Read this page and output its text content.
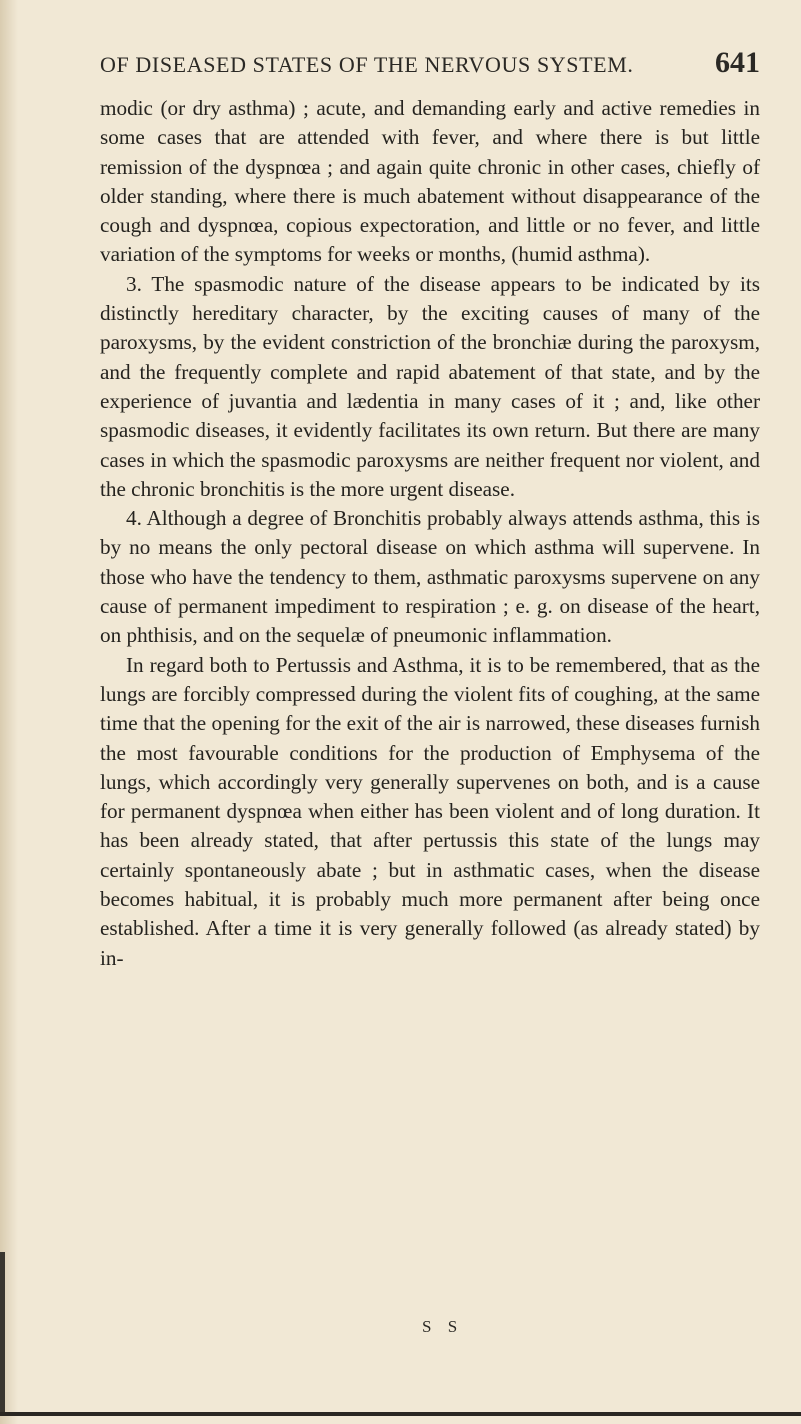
OF DISEASED STATES OF THE NERVOUS SYSTEM.	641

modic (or dry asthma) ; acute, and demanding early and active remedies in some cases that are attended with fever, and where there is but little remission of the dyspnœa ; and again quite chronic in other cases, chiefly of older standing, where there is much abatement without disappearance of the cough and dyspnœa, copious expectoration, and little or no fever, and little variation of the symptoms for weeks or months, (humid asthma).

3. The spasmodic nature of the disease appears to be indicated by its distinctly hereditary character, by the exciting causes of many of the paroxysms, by the evident constriction of the bronchiæ during the paroxysm, and the frequently complete and rapid abatement of that state, and by the experience of juvantia and lædentia in many cases of it ; and, like other spasmodic diseases, it evidently facilitates its own return. But there are many cases in which the spasmodic paroxysms are neither frequent nor violent, and the chronic bronchitis is the more urgent disease.

4. Although a degree of Bronchitis probably always attends asthma, this is by no means the only pectoral disease on which asthma will supervene. In those who have the tendency to them, asthmatic paroxysms supervene on any cause of permanent impediment to respiration ; e. g. on disease of the heart, on phthisis, and on the sequelæ of pneumonic inflammation.

In regard both to Pertussis and Asthma, it is to be remembered, that as the lungs are forcibly compressed during the violent fits of coughing, at the same time that the opening for the exit of the air is narrowed, these diseases furnish the most favourable conditions for the production of Emphysema of the lungs, which accordingly very generally supervenes on both, and is a cause for permanent dyspnœa when either has been violent and of long duration. It has been already stated, that after pertussis this state of the lungs may certainly spontaneously abate ; but in asthmatic cases, when the disease becomes habitual, it is probably much more permanent after being once established. After a time it is very generally followed (as already stated) by in-

S S
